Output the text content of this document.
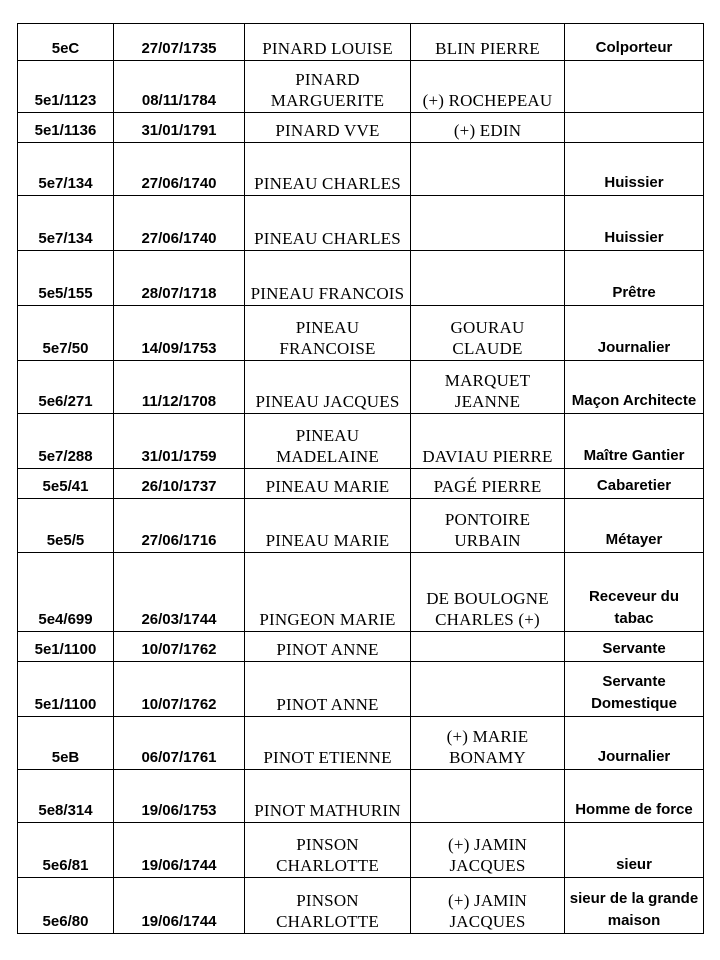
5eC	27/07/1735	PINARD LOUISE	BLIN PIERRE	Colporteur
5e1/1123	08/11/1784	PINARD MARGUERITE	(+) ROCHEPEAU	
5e1/1136	31/01/1791	PINARD VVE	(+) EDIN	
5e7/134	27/06/1740	PINEAU CHARLES		Huissier
5e7/134	27/06/1740	PINEAU CHARLES		Huissier
5e5/155	28/07/1718	PINEAU FRANCOIS		Prêtre
5e7/50	14/09/1753	PINEAU FRANCOISE	GOURAU CLAUDE	Journalier
5e6/271	11/12/1708	PINEAU JACQUES	MARQUET JEANNE	Maçon Architecte
5e7/288	31/01/1759	PINEAU MADELAINE	DAVIAU PIERRE	Maître Gantier
5e5/41	26/10/1737	PINEAU MARIE	PAGÉ PIERRE	Cabaretier
5e5/5	27/06/1716	PINEAU MARIE	PONTOIRE URBAIN	Métayer
5e4/699	26/03/1744	PINGEON MARIE	DE BOULOGNE CHARLES (+)	Receveur du tabac
5e1/1100	10/07/1762	PINOT ANNE		Servante
5e1/1100	10/07/1762	PINOT ANNE		Servante Domestique
5eB	06/07/1761	PINOT ETIENNE	(+) MARIE BONAMY	Journalier
5e8/314	19/06/1753	PINOT MATHURIN		Homme de force
5e6/81	19/06/1744	PINSON CHARLOTTE	(+) JAMIN JACQUES	sieur
5e6/80	19/06/1744	PINSON CHARLOTTE	(+) JAMIN JACQUES	sieur de la grande maison
